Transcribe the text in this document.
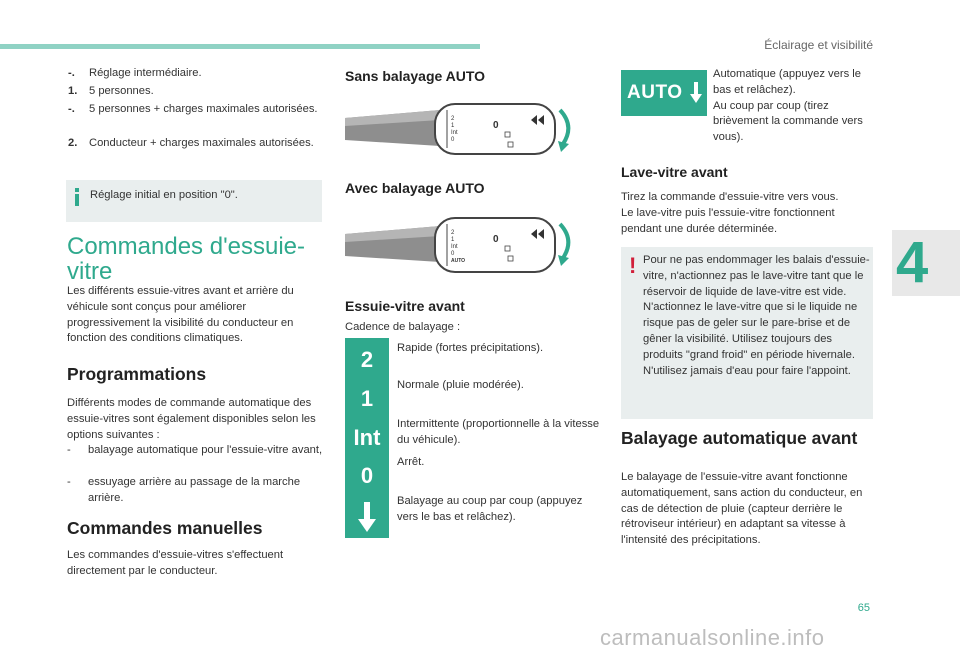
Éclairage et visibilité
4
65
carmanualsonline.info
-. Réglage intermédiaire.
1. 5 personnes.
-. 5 personnes + charges maximales autorisées.
2. Conducteur + charges maximales autorisées.
Réglage initial en position "0".
Commandes d'essuie-vitre
Les différents essuie-vitres avant et arrière du véhicule sont conçus pour améliorer progressivement la visibilité du conducteur en fonction des conditions climatiques.
Programmations
Différents modes de commande automatique des essuie-vitres sont également disponibles selon les options suivantes :
- balayage automatique pour l'essuie-vitre avant,
- essuyage arrière au passage de la marche arrière.
Commandes manuelles
Les commandes d'essuie-vitres s'effectuent directement par le conducteur.
Sans balayage AUTO
2
1
Int
0
0
Avec balayage AUTO
2
1
Int
0
AUTO
0
Essuie-vitre avant
Cadence de balayage :
2	Rapide (fortes précipitations).
1
Normale (pluie modérée).
Int
Intermittente (proportionnelle à la vitesse du véhicule).
0
Arrêt.
Balayage au coup par coup (appuyez vers le bas et relâchez).
AUTO
Automatique (appuyez vers le bas et relâchez).
Au coup par coup (tirez brièvement la commande vers vous).
Lave-vitre avant
Tirez la commande d'essuie-vitre vers vous.
Le lave-vitre puis l'essuie-vitre fonctionnent pendant une durée déterminée.
! Pour ne pas endommager les balais d'essuie-vitre, n'actionnez pas le lave-vitre tant que le réservoir de liquide de lave-vitre est vide.
N'actionnez le lave-vitre que si le liquide ne risque pas de geler sur le pare-brise et de gêner la visibilité. Utilisez toujours des produits "grand froid" en période hivernale.
N'utilisez jamais d'eau pour faire l'appoint.
Balayage automatique avant
Le balayage de l'essuie-vitre avant fonctionne automatiquement, sans action du conducteur, en cas de détection de pluie (capteur derrière le rétroviseur intérieur) en adaptant sa vitesse à l'intensité des précipitations.
